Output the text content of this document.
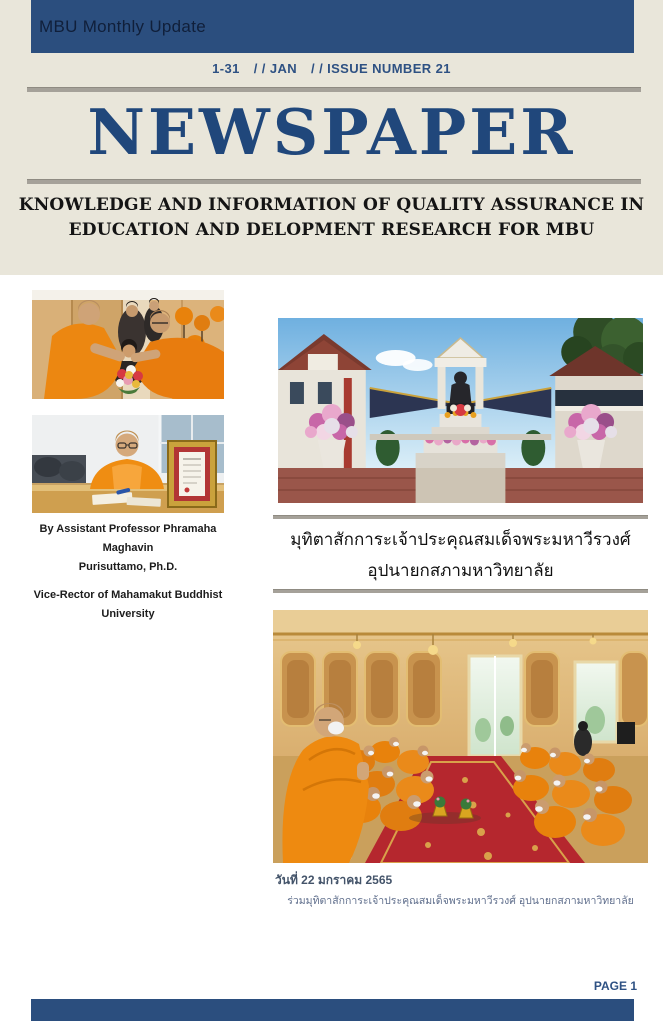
MBU Monthly Update
1-31 / / JAN / / ISSUE NUMBER 21
NEWSPAPER
KNOWLEDGE AND INFORMATION OF QUALITY ASSURANCE IN
EDUCATION AND DELOPMENT RESEARCH FOR MBU
By Assistant Professor Phramaha Maghavin
Purisuttamo, Ph.D.
Vice-Rector of Mahamakut Buddhist University
มุทิตาสักการะเจ้าประคุณสมเด็จพระมหาวีรวงศ์
อุปนายกสภามหาวิทยาลัย
วันที่ 22 มกราคม 2565
ร่วมมุทิตาสักการะเจ้าประคุณสมเด็จพระมหาวีรวงศ์ อุปนายกสภามหาวิทยาลัย
PAGE 1
